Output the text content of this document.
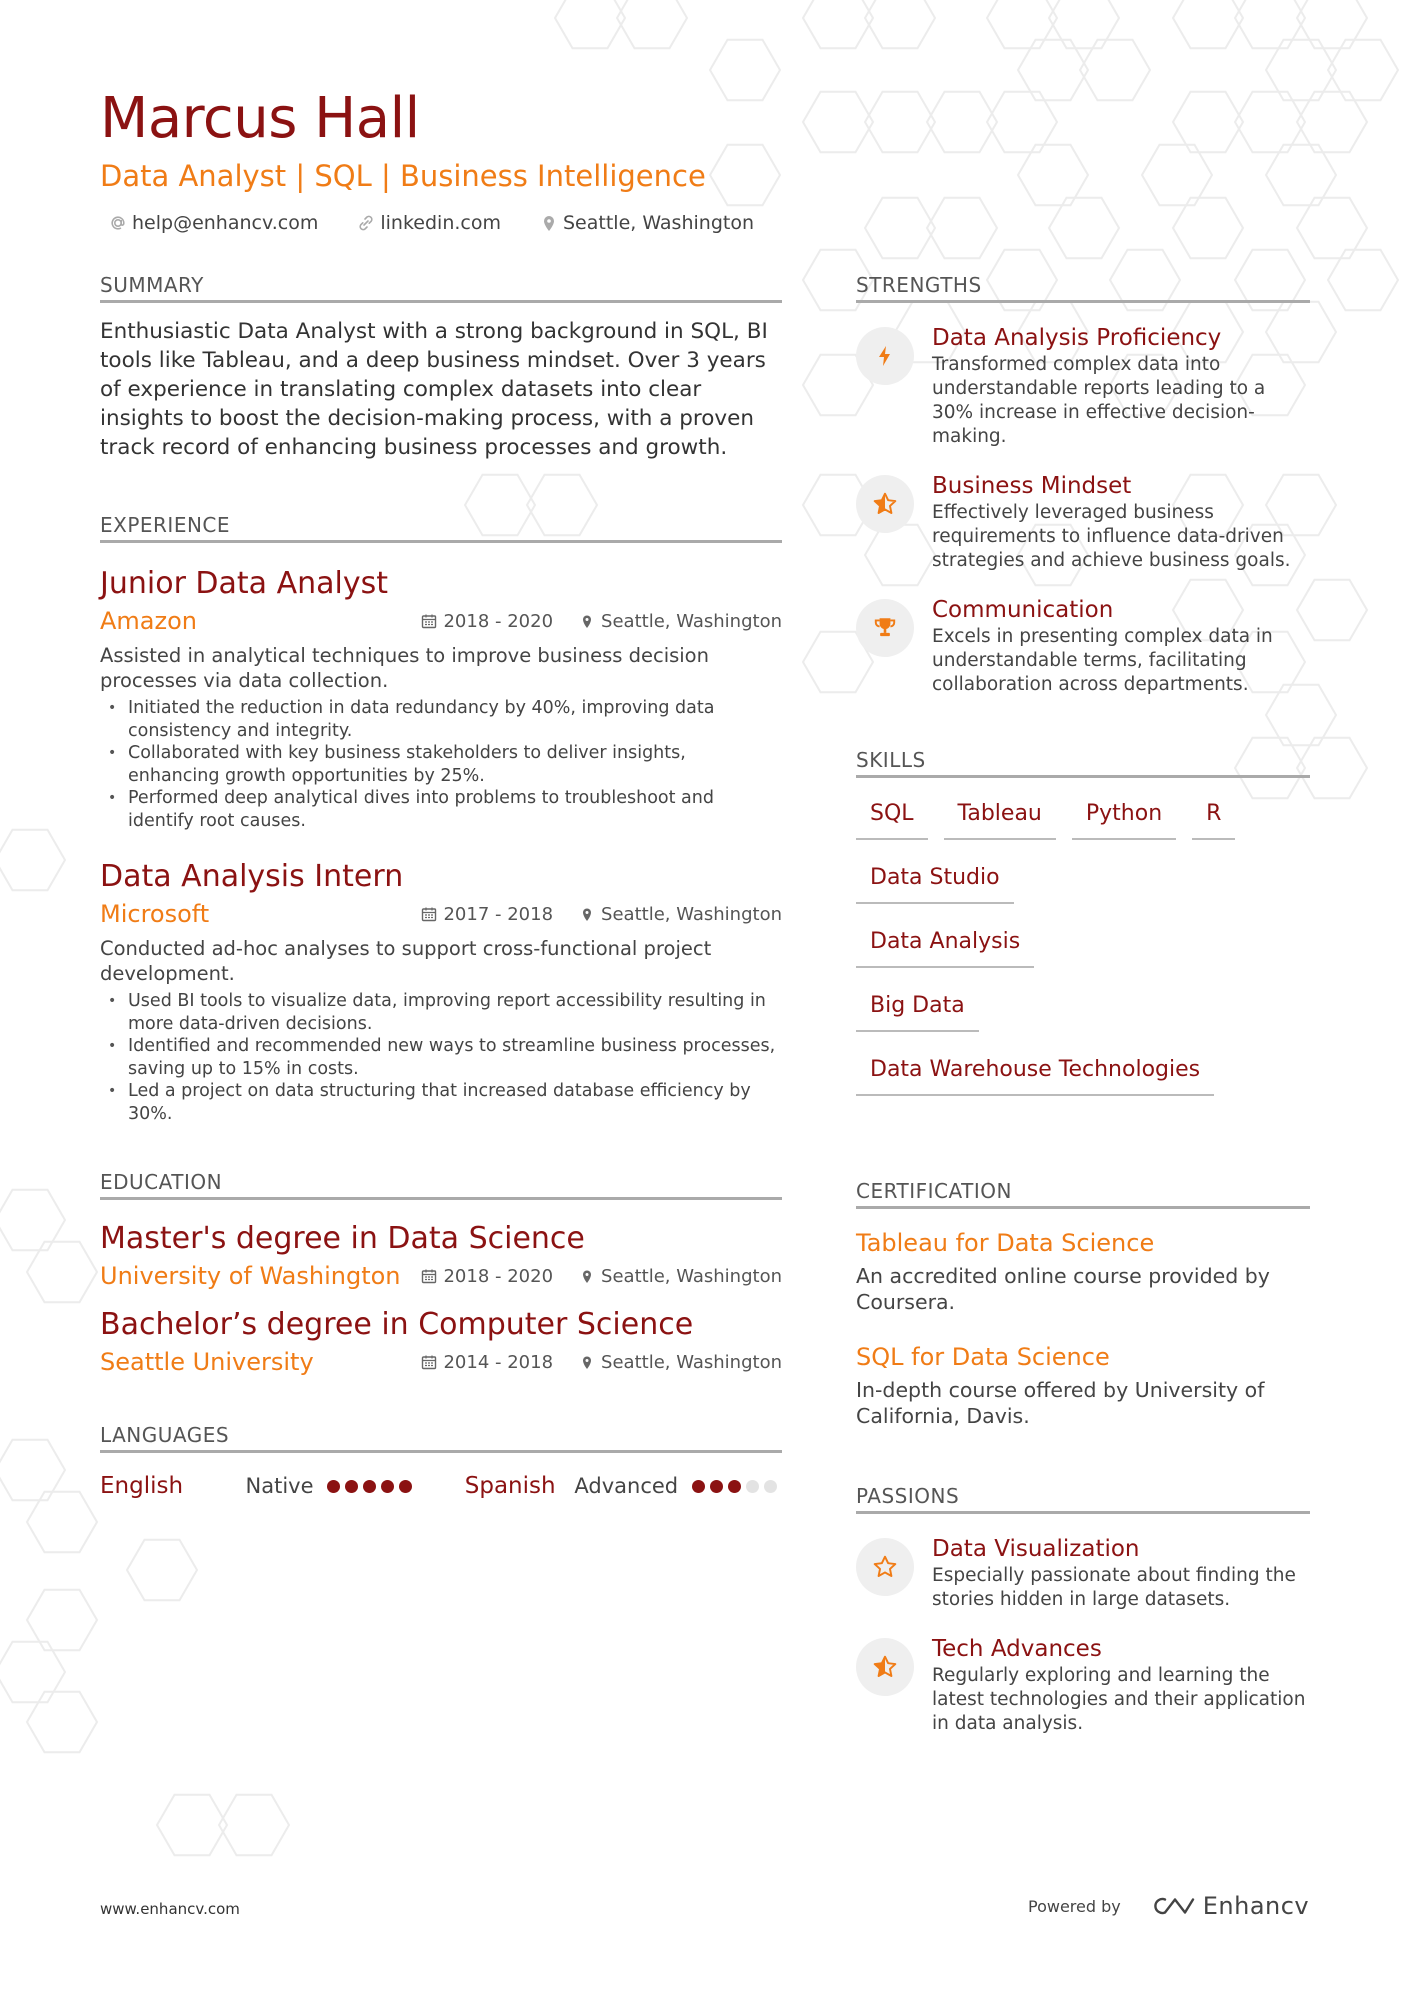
Marcus Hall
Data Analyst | SQL | Business Intelligence
help@enhancv.com	linkedin.com	Seattle, Washington
SUMMARY
Enthusiastic Data Analyst with a strong background in SQL, BI tools like Tableau, and a deep business mindset. Over 3 years of experience in translating complex datasets into clear insights to boost the decision-making process, with a proven track record of enhancing business processes and growth.
EXPERIENCE
Junior Data Analyst
Amazon	2018 - 2020	Seattle, Washington
Assisted in analytical techniques to improve business decision processes via data collection.
• Initiated the reduction in data redundancy by 40%, improving data consistency and integrity.
• Collaborated with key business stakeholders to deliver insights, enhancing growth opportunities by 25%.
• Performed deep analytical dives into problems to troubleshoot and identify root causes.
Data Analysis Intern
Microsoft	2017 - 2018	Seattle, Washington
Conducted ad-hoc analyses to support cross-functional project development.
• Used BI tools to visualize data, improving report accessibility resulting in more data-driven decisions.
• Identified and recommended new ways to streamline business processes, saving up to 15% in costs.
• Led a project on data structuring that increased database efficiency by 30%.
EDUCATION
Master's degree in Data Science
University of Washington 2018 - 2020	Seattle, Washington
Bachelor’s degree in Computer Science
Seattle University	2014 - 2018	Seattle, Washington
LANGUAGES
English	Native	Spanish Advanced
STRENGTHS
Data Analysis Proficiency
Transformed complex data into understandable reports leading to a 30% increase in effective decision-making.
Business Mindset
Effectively leveraged business requirements to influence data-driven strategies and achieve business goals.
Communication
Excels in presenting complex data in understandable terms, facilitating collaboration across departments.
SKILLS
SQL	Tableau	Python	R
Data Studio
Data Analysis
Big Data
Data Warehouse Technologies
CERTIFICATION
Tableau for Data Science
An accredited online course provided by Coursera.
SQL for Data Science
In-depth course offered by University of California, Davis.
PASSIONS
Data Visualization
Especially passionate about finding the stories hidden in large datasets.
Tech Advances
Regularly exploring and learning the latest technologies and their application in data analysis.
www.enhancv.com	Powered by	Enhancv
